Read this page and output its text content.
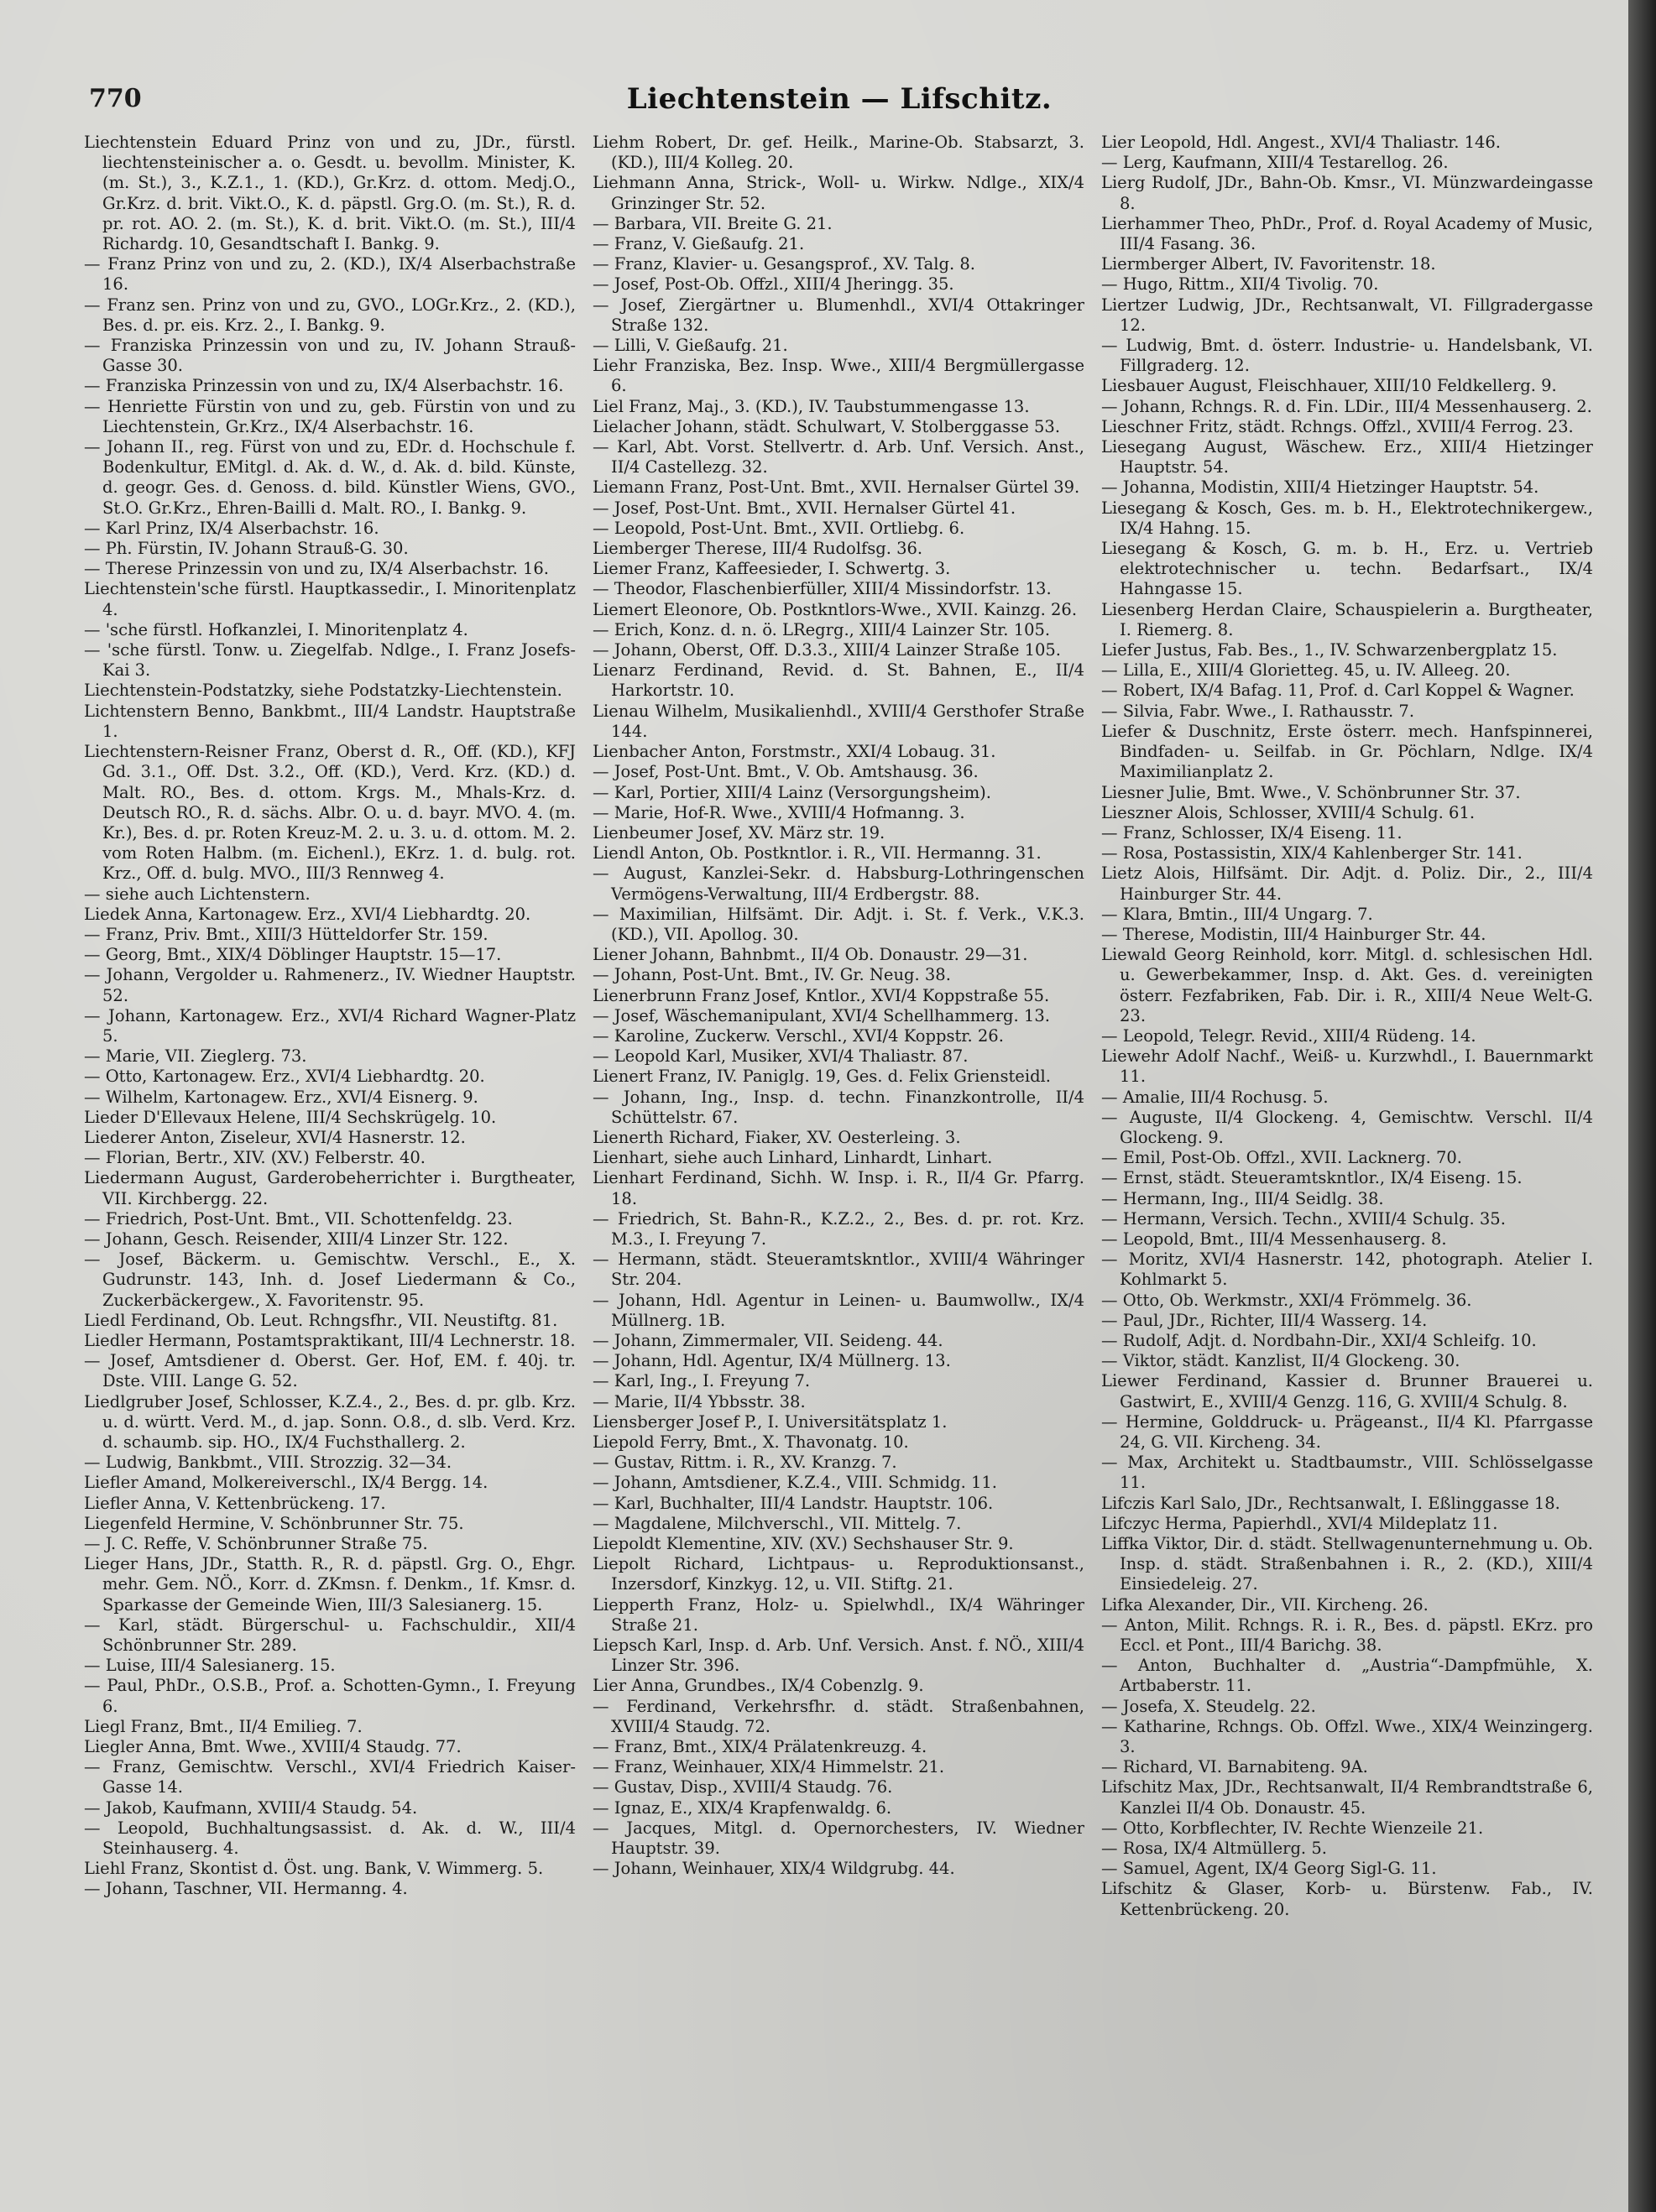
770	Liechtenstein — Lifschitz.

Liechtenstein Eduard Prinz von und zu, JDr., fürstl. liechtensteinischer a. o. Gesdt. u. bevollm. Minister, K. (m. St.), 3., K.Z.1., 1. (KD.), Gr.Krz. d. ottom. Medj.O., Gr.Krz. d. brit. Vikt.O., K. d. päpstl. Grg.O. (m. St.), R. d. pr. rot. AO. 2. (m. St.), K. d. brit. Vikt.O. (m. St.), III/4 Richardg. 10, Gesandtschaft I. Bankg. 9.

— Franz Prinz von und zu, 2. (KD.), IX/4 Alserbachstraße 16.

— Franz sen. Prinz von und zu, GVO., LOGr.Krz., 2. (KD.), Bes. d. pr. eis. Krz. 2., I. Bankg. 9.

— Franziska Prinzessin von und zu, IV. Johann Strauß-Gasse 30.

— Franziska Prinzessin von und zu, IX/4 Alserbachstr. 16.

— Henriette Fürstin von und zu, geb. Fürstin von und zu Liechtenstein, Gr.Krz., IX/4 Alserbachstr. 16.

— Johann II., reg. Fürst von und zu, EDr. d. Hochschule f. Bodenkultur, EMitgl. d. Ak. d. W., d. Ak. d. bild. Künste, d. geogr. Ges. d. Genoss. d. bild. Künstler Wiens, GVO., St.O. Gr.Krz., Ehren-Bailli d. Malt. RO., I. Bankg. 9.

— Karl Prinz, IX/4 Alserbachstr. 16.

— Ph. Fürstin, IV. Johann Strauß-G. 30.

— Therese Prinzessin von und zu, IX/4 Alserbachstr. 16.

Liechtenstein'sche fürstl. Hauptkassedir., I. Minoritenplatz 4.

— 'sche fürstl. Hofkanzlei, I. Minoritenplatz 4.

— 'sche fürstl. Tonw. u. Ziegelfab. Ndlge., I. Franz Josefs-Kai 3.

Liechtenstein-Podstatzky, siehe Podstatzky-Liechtenstein.

Lichtenstern Benno, Bankbmt., III/4 Landstr. Hauptstraße 1.

Liechtenstern-Reisner Franz, Oberst d. R., Off. (KD.), KFJ Gd. 3.1., Off. Dst. 3.2., Off. (KD.), Verd. Krz. (KD.) d. Malt. RO., Bes. d. ottom. Krgs. M., Mhals-Krz. d. Deutsch RO., R. d. sächs. Albr. O. u. d. bayr. MVO. 4. (m. Kr.), Bes. d. pr. Roten Kreuz-M. 2. u. 3. u. d. ottom. M. 2. vom Roten Halbm. (m. Eichenl.), EKrz. 1. d. bulg. rot. Krz., Off. d. bulg. MVO., III/3 Rennweg 4.

— siehe auch Lichtenstern.

Liedek Anna, Kartonagew. Erz., XVI/4 Liebhardtg. 20.

— Franz, Priv. Bmt., XIII/3 Hütteldorfer Str. 159.

— Georg, Bmt., XIX/4 Döblinger Hauptstr. 15—17.

— Johann, Vergolder u. Rahmenerz., IV. Wiedner Hauptstr. 52.

— Johann, Kartonagew. Erz., XVI/4 Richard Wagner-Platz 5.

— Marie, VII. Zieglerg. 73.

— Otto, Kartonagew. Erz., XVI/4 Liebhardtg. 20.

— Wilhelm, Kartonagew. Erz., XVI/4 Eisnerg. 9.

Lieder D'Ellevaux Helene, III/4 Sechskrügelg. 10.

Liederer Anton, Ziseleur, XVI/4 Hasnerstr. 12.

— Florian, Bertr., XIV. (XV.) Felberstr. 40.

Liedermann August, Garderobeherrichter i. Burgtheater, VII. Kirchbergg. 22.

— Friedrich, Post-Unt. Bmt., VII. Schottenfeldg. 23.

— Johann, Gesch. Reisender, XIII/4 Linzer Str. 122.

— Josef, Bäckerm. u. Gemischtw. Verschl., E., X. Gudrunstr. 143, Inh. d. Josef Liedermann & Co., Zuckerbäckergew., X. Favoritenstr. 95.

Liedl Ferdinand, Ob. Leut. Rchngsfhr., VII. Neustiftg. 81.

Liedler Hermann, Postamtspraktikant, III/4 Lechnerstr. 18.

— Josef, Amtsdiener d. Oberst. Ger. Hof, EM. f. 40j. tr. Dste. VIII. Lange G. 52.

Liedlgruber Josef, Schlosser, K.Z.4., 2., Bes. d. pr. glb. Krz. u. d. württ. Verd. M., d. jap. Sonn. O.8., d. slb. Verd. Krz. d. schaumb. sip. HO., IX/4 Fuchsthallerg. 2.

— Ludwig, Bankbmt., VIII. Strozzig. 32—34.

Liefler Amand, Molkereiverschl., IX/4 Bergg. 14.

Liefler Anna, V. Kettenbrückeng. 17.

Liegenfeld Hermine, V. Schönbrunner Str. 75.

— J. C. Reffe, V. Schönbrunner Straße 75.

Lieger Hans, JDr., Statth. R., R. d. päpstl. Grg. O., Ehgr. mehr. Gem. NÖ., Korr. d. ZKmsn. f. Denkm., 1f. Kmsr. d. Sparkasse der Gemeinde Wien, III/3 Salesianerg. 15.

— Karl, städt. Bürgerschul- u. Fachschuldir., XII/4 Schönbrunner Str. 289.

— Luise, III/4 Salesianerg. 15.

— Paul, PhDr., O.S.B., Prof. a. Schotten-Gymn., I. Freyung 6.

Liegl Franz, Bmt., II/4 Emilieg. 7.

Liegler Anna, Bmt. Wwe., XVIII/4 Staudg. 77.

— Franz, Gemischtw. Verschl., XVI/4 Friedrich Kaiser-Gasse 14.

— Jakob, Kaufmann, XVIII/4 Staudg. 54.

— Leopold, Buchhaltungsassist. d. Ak. d. W., III/4 Steinhauserg. 4.

Liehl Franz, Skontist d. Öst. ung. Bank, V. Wimmerg. 5.

— Johann, Taschner, VII. Hermanng. 4.

Liehm Robert, Dr. gef. Heilk., Marine-Ob. Stabsarzt, 3. (KD.), III/4 Kolleg. 20.

Liehmann Anna, Strick-, Woll- u. Wirkw. Ndlge., XIX/4 Grinzinger Str. 52.

— Barbara, VII. Breite G. 21.

— Franz, V. Gießaufg. 21.

— Franz, Klavier- u. Gesangsprof., XV. Talg. 8.

— Josef, Post-Ob. Offzl., XIII/4 Jheringg. 35.

— Josef, Ziergärtner u. Blumenhdl., XVI/4 Ottakringer Straße 132.

— Lilli, V. Gießaufg. 21.

Liehr Franziska, Bez. Insp. Wwe., XIII/4 Bergmüllergasse 6.

Liel Franz, Maj., 3. (KD.), IV. Taubstummengasse 13.

Lielacher Johann, städt. Schulwart, V. Stolberggasse 53.

— Karl, Abt. Vorst. Stellvertr. d. Arb. Unf. Versich. Anst., II/4 Castellezg. 32.

Liemann Franz, Post-Unt. Bmt., XVII. Hernalser Gürtel 39.

— Josef, Post-Unt. Bmt., XVII. Hernalser Gürtel 41.

— Leopold, Post-Unt. Bmt., XVII. Ortliebg. 6.

Liemberger Therese, III/4 Rudolfsg. 36.

Liemer Franz, Kaffeesieder, I. Schwertg. 3.

— Theodor, Flaschenbierfüller, XIII/4 Missindorfstr. 13.

Liemert Eleonore, Ob. Postkntlors-Wwe., XVII. Kainzg. 26.

— Erich, Konz. d. n. ö. LRegrg., XIII/4 Lainzer Str. 105.

— Johann, Oberst, Off. D.3.3., XIII/4 Lainzer Straße 105.

Lienarz Ferdinand, Revid. d. St. Bahnen, E., II/4 Harkortstr. 10.

Lienau Wilhelm, Musikalienhdl., XVIII/4 Gersthofer Straße 144.

Lienbacher Anton, Forstmstr., XXI/4 Lobaug. 31.

— Josef, Post-Unt. Bmt., V. Ob. Amtshausg. 36.

— Karl, Portier, XIII/4 Lainz (Versorgungsheim).

— Marie, Hof-R. Wwe., XVIII/4 Hofmanng. 3.

Lienbeumer Josef, XV. März str. 19.

Liendl Anton, Ob. Postkntlor. i. R., VII. Hermanng. 31.

— August, Kanzlei-Sekr. d. Habsburg-Lothringenschen Vermögens-Verwaltung, III/4 Erdbergstr. 88.

— Maximilian, Hilfsämt. Dir. Adjt. i. St. f. Verk., V.K.3. (KD.), VII. Apollog. 30.

Liener Johann, Bahnbmt., II/4 Ob. Donaustr. 29—31.

— Johann, Post-Unt. Bmt., IV. Gr. Neug. 38.

Lienerbrunn Franz Josef, Kntlor., XVI/4 Koppstraße 55.

— Josef, Wäschemanipulant, XVI/4 Schellhammerg. 13.

— Karoline, Zuckerw. Verschl., XVI/4 Koppstr. 26.

— Leopold Karl, Musiker, XVI/4 Thaliastr. 87.

Lienert Franz, IV. Paniglg. 19, Ges. d. Felix Griensteidl.

— Johann, Ing., Insp. d. techn. Finanzkontrolle, II/4 Schüttelstr. 67.

Lienerth Richard, Fiaker, XV. Oesterleing. 3.

Lienhart, siehe auch Linhard, Linhardt, Linhart.

Lienhart Ferdinand, Sichh. W. Insp. i. R., II/4 Gr. Pfarrg. 18.

— Friedrich, St. Bahn-R., K.Z.2., 2., Bes. d. pr. rot. Krz. M.3., I. Freyung 7.

— Hermann, städt. Steueramtskntlor., XVIII/4 Währinger Str. 204.

— Johann, Hdl. Agentur in Leinen- u. Baumwollw., IX/4 Müllnerg. 1B.

— Johann, Zimmermaler, VII. Seideng. 44.

— Johann, Hdl. Agentur, IX/4 Müllnerg. 13.

— Karl, Ing., I. Freyung 7.

— Marie, II/4 Ybbsstr. 38.

Liensberger Josef P., I. Universitätsplatz 1.

Liepold Ferry, Bmt., X. Thavonatg. 10.

— Gustav, Rittm. i. R., XV. Kranzg. 7.

— Johann, Amtsdiener, K.Z.4., VIII. Schmidg. 11.

— Karl, Buchhalter, III/4 Landstr. Hauptstr. 106.

— Magdalene, Milchverschl., VII. Mittelg. 7.

Liepoldt Klementine, XIV. (XV.) Sechshauser Str. 9.

Liepolt Richard, Lichtpaus- u. Reproduktionsanst., Inzersdorf, Kinzkyg. 12, u. VII. Stiftg. 21.

Liepperth Franz, Holz- u. Spielwhdl., IX/4 Währinger Straße 21.

Liepsch Karl, Insp. d. Arb. Unf. Versich. Anst. f. NÖ., XIII/4 Linzer Str. 396.

Lier Anna, Grundbes., IX/4 Cobenzlg. 9.

— Ferdinand, Verkehrsfhr. d. städt. Straßenbahnen, XVIII/4 Staudg. 72.

— Franz, Bmt., XIX/4 Prälatenkreuzg. 4.

— Franz, Weinhauer, XIX/4 Himmelstr. 21.

— Gustav, Disp., XVIII/4 Staudg. 76.

— Ignaz, E., XIX/4 Krapfenwaldg. 6.

— Jacques, Mitgl. d. Opernorchesters, IV. Wiedner Hauptstr. 39.

— Johann, Weinhauer, XIX/4 Wildgrubg. 44.

Lier Leopold, Hdl. Angest., XVI/4 Thaliastr. 146.

— Lerg, Kaufmann, XIII/4 Testarellog. 26.

Lierg Rudolf, JDr., Bahn-Ob. Kmsr., VI. Münzwardeingasse 8.

Lierhammer Theo, PhDr., Prof. d. Royal Academy of Music, III/4 Fasang. 36.

Liermberger Albert, IV. Favoritenstr. 18.

— Hugo, Rittm., XII/4 Tivolig. 70.

Liertzer Ludwig, JDr., Rechtsanwalt, VI. Fillgradergasse 12.

— Ludwig, Bmt. d. österr. Industrie- u. Handelsbank, VI. Fillgraderg. 12.

Liesbauer August, Fleischhauer, XIII/10 Feldkellerg. 9.

— Johann, Rchngs. R. d. Fin. LDir., III/4 Messenhauserg. 2.

Lieschner Fritz, städt. Rchngs. Offzl., XVIII/4 Ferrog. 23.

Liesegang August, Wäschew. Erz., XIII/4 Hietzinger Hauptstr. 54.

— Johanna, Modistin, XIII/4 Hietzinger Hauptstr. 54.

Liesegang & Kosch, Ges. m. b. H., Elektrotechnikergew., IX/4 Hahng. 15.

Liesegang & Kosch, G. m. b. H., Erz. u. Vertrieb elektrotechnischer u. techn. Bedarfsart., IX/4 Hahngasse 15.

Liesenberg Herdan Claire, Schauspielerin a. Burgtheater, I. Riemerg. 8.

Liefer Justus, Fab. Bes., 1., IV. Schwarzenbergplatz 15.

— Lilla, E., XIII/4 Glorietteg. 45, u. IV. Alleeg. 20.

— Robert, IX/4 Bafag. 11, Prof. d. Carl Koppel & Wagner.

— Silvia, Fabr. Wwe., I. Rathausstr. 7.

Liefer & Duschnitz, Erste österr. mech. Hanfspinnerei, Bindfaden- u. Seilfab. in Gr. Pöchlarn, Ndlge. IX/4 Maximilianplatz 2.

Liesner Julie, Bmt. Wwe., V. Schönbrunner Str. 37.

Lieszner Alois, Schlosser, XVIII/4 Schulg. 61.

— Franz, Schlosser, IX/4 Eiseng. 11.

— Rosa, Postassistin, XIX/4 Kahlenberger Str. 141.

Lietz Alois, Hilfsämt. Dir. Adjt. d. Poliz. Dir., 2., III/4 Hainburger Str. 44.

— Klara, Bmtin., III/4 Ungarg. 7.

— Therese, Modistin, III/4 Hainburger Str. 44.

Liewald Georg Reinhold, korr. Mitgl. d. schlesischen Hdl. u. Gewerbekammer, Insp. d. Akt. Ges. d. vereinigten österr. Fezfabriken, Fab. Dir. i. R., XIII/4 Neue Welt-G. 23.

— Leopold, Telegr. Revid., XIII/4 Rüdeng. 14.

Liewehr Adolf Nachf., Weiß- u. Kurzwhdl., I. Bauernmarkt 11.

— Amalie, III/4 Rochusg. 5.

— Auguste, II/4 Glockeng. 4, Gemischtw. Verschl. II/4 Glockeng. 9.

— Emil, Post-Ob. Offzl., XVII. Lacknerg. 70.

— Ernst, städt. Steueramtskntlor., IX/4 Eiseng. 15.

— Hermann, Ing., III/4 Seidlg. 38.

— Hermann, Versich. Techn., XVIII/4 Schulg. 35.

— Leopold, Bmt., III/4 Messenhauserg. 8.

— Moritz, XVI/4 Hasnerstr. 142, photograph. Atelier I. Kohlmarkt 5.

— Otto, Ob. Werkmstr., XXI/4 Frömmelg. 36.

— Paul, JDr., Richter, III/4 Wasserg. 14.

— Rudolf, Adjt. d. Nordbahn-Dir., XXI/4 Schleifg. 10.

— Viktor, städt. Kanzlist, II/4 Glockeng. 30.

Liewer Ferdinand, Kassier d. Brunner Brauerei u. Gastwirt, E., XVIII/4 Genzg. 116, G. XVIII/4 Schulg. 8.

— Hermine, Golddruck- u. Prägeanst., II/4 Kl. Pfarrgasse 24, G. VII. Kircheng. 34.

— Max, Architekt u. Stadtbaumstr., VIII. Schlösselgasse 11.

Lifczis Karl Salo, JDr., Rechtsanwalt, I. Eßlinggasse 18.

Lifczyc Herma, Papierhdl., XVI/4 Mildeplatz 11.

Liffka Viktor, Dir. d. städt. Stellwagenunternehmung u. Ob. Insp. d. städt. Straßenbahnen i. R., 2. (KD.), XIII/4 Einsiedeleig. 27.

Lifka Alexander, Dir., VII. Kircheng. 26.

— Anton, Milit. Rchngs. R. i. R., Bes. d. päpstl. EKrz. pro Eccl. et Pont., III/4 Barichg. 38.

— Anton, Buchhalter d. „Austria“-Dampfmühle, X. Artbaberstr. 11.

— Josefa, X. Steudelg. 22.

— Katharine, Rchngs. Ob. Offzl. Wwe., XIX/4 Weinzingerg. 3.

— Richard, VI. Barnabiteng. 9A.

Lifschitz Max, JDr., Rechtsanwalt, II/4 Rembrandtstraße 6, Kanzlei II/4 Ob. Donaustr. 45.

— Otto, Korbflechter, IV. Rechte Wienzeile 21.

— Rosa, IX/4 Altmüllerg. 5.

— Samuel, Agent, IX/4 Georg Sigl-G. 11.

Lifschitz & Glaser, Korb- u. Bürstenw. Fab., IV. Kettenbrückeng. 20.
